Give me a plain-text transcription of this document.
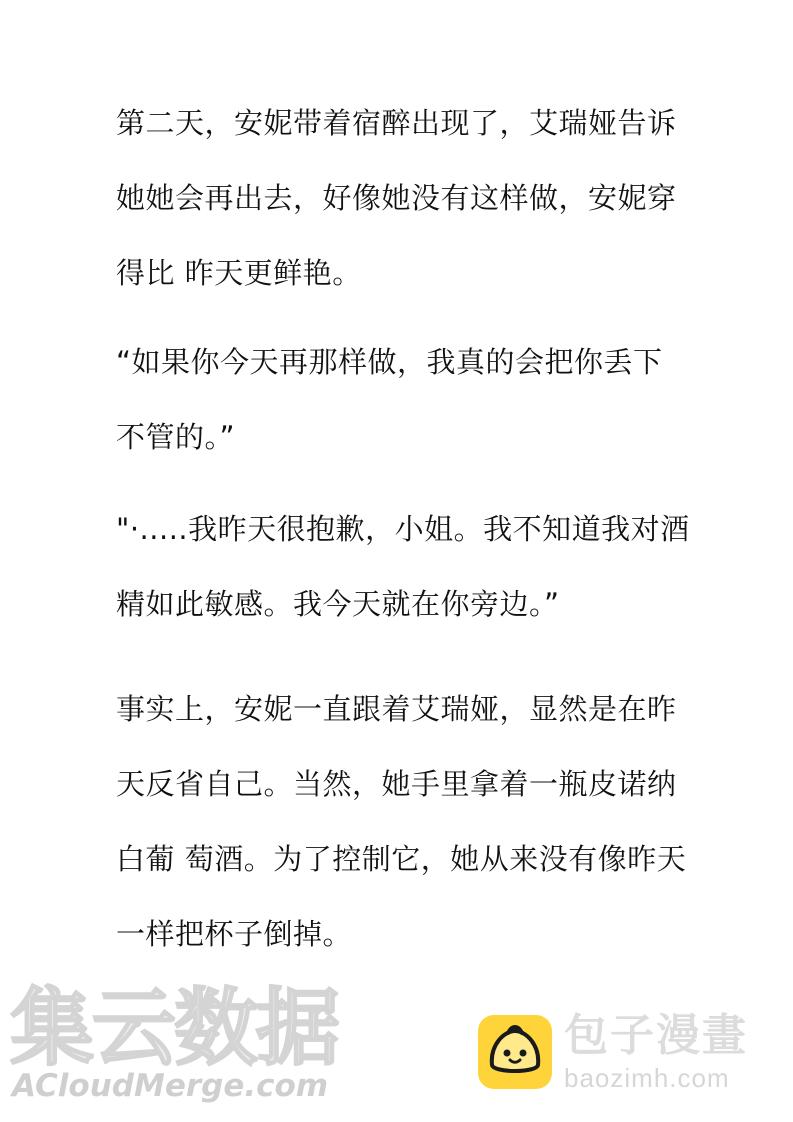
第二天，安妮带着宿醉出现了，艾瑞娅告诉
她她会再出去，好像她没有这样做，安妮穿
得比 昨天更鲜艳。
“如果你今天再那样做，我真的会把你丢下
不管的。”
"·.....我昨天很抱歉，小姐。我不知道我对酒
精如此敏感。我今天就在你旁边。”
事实上，安妮一直跟着艾瑞娅，显然是在昨
天反省自己。当然，她手里拿着一瓶皮诺纳
白葡 萄酒。为了控制它，她从来没有像昨天
一样把杯子倒掉。
集云数据
ACloudMerge.com
包子漫畫
baozimh.com
